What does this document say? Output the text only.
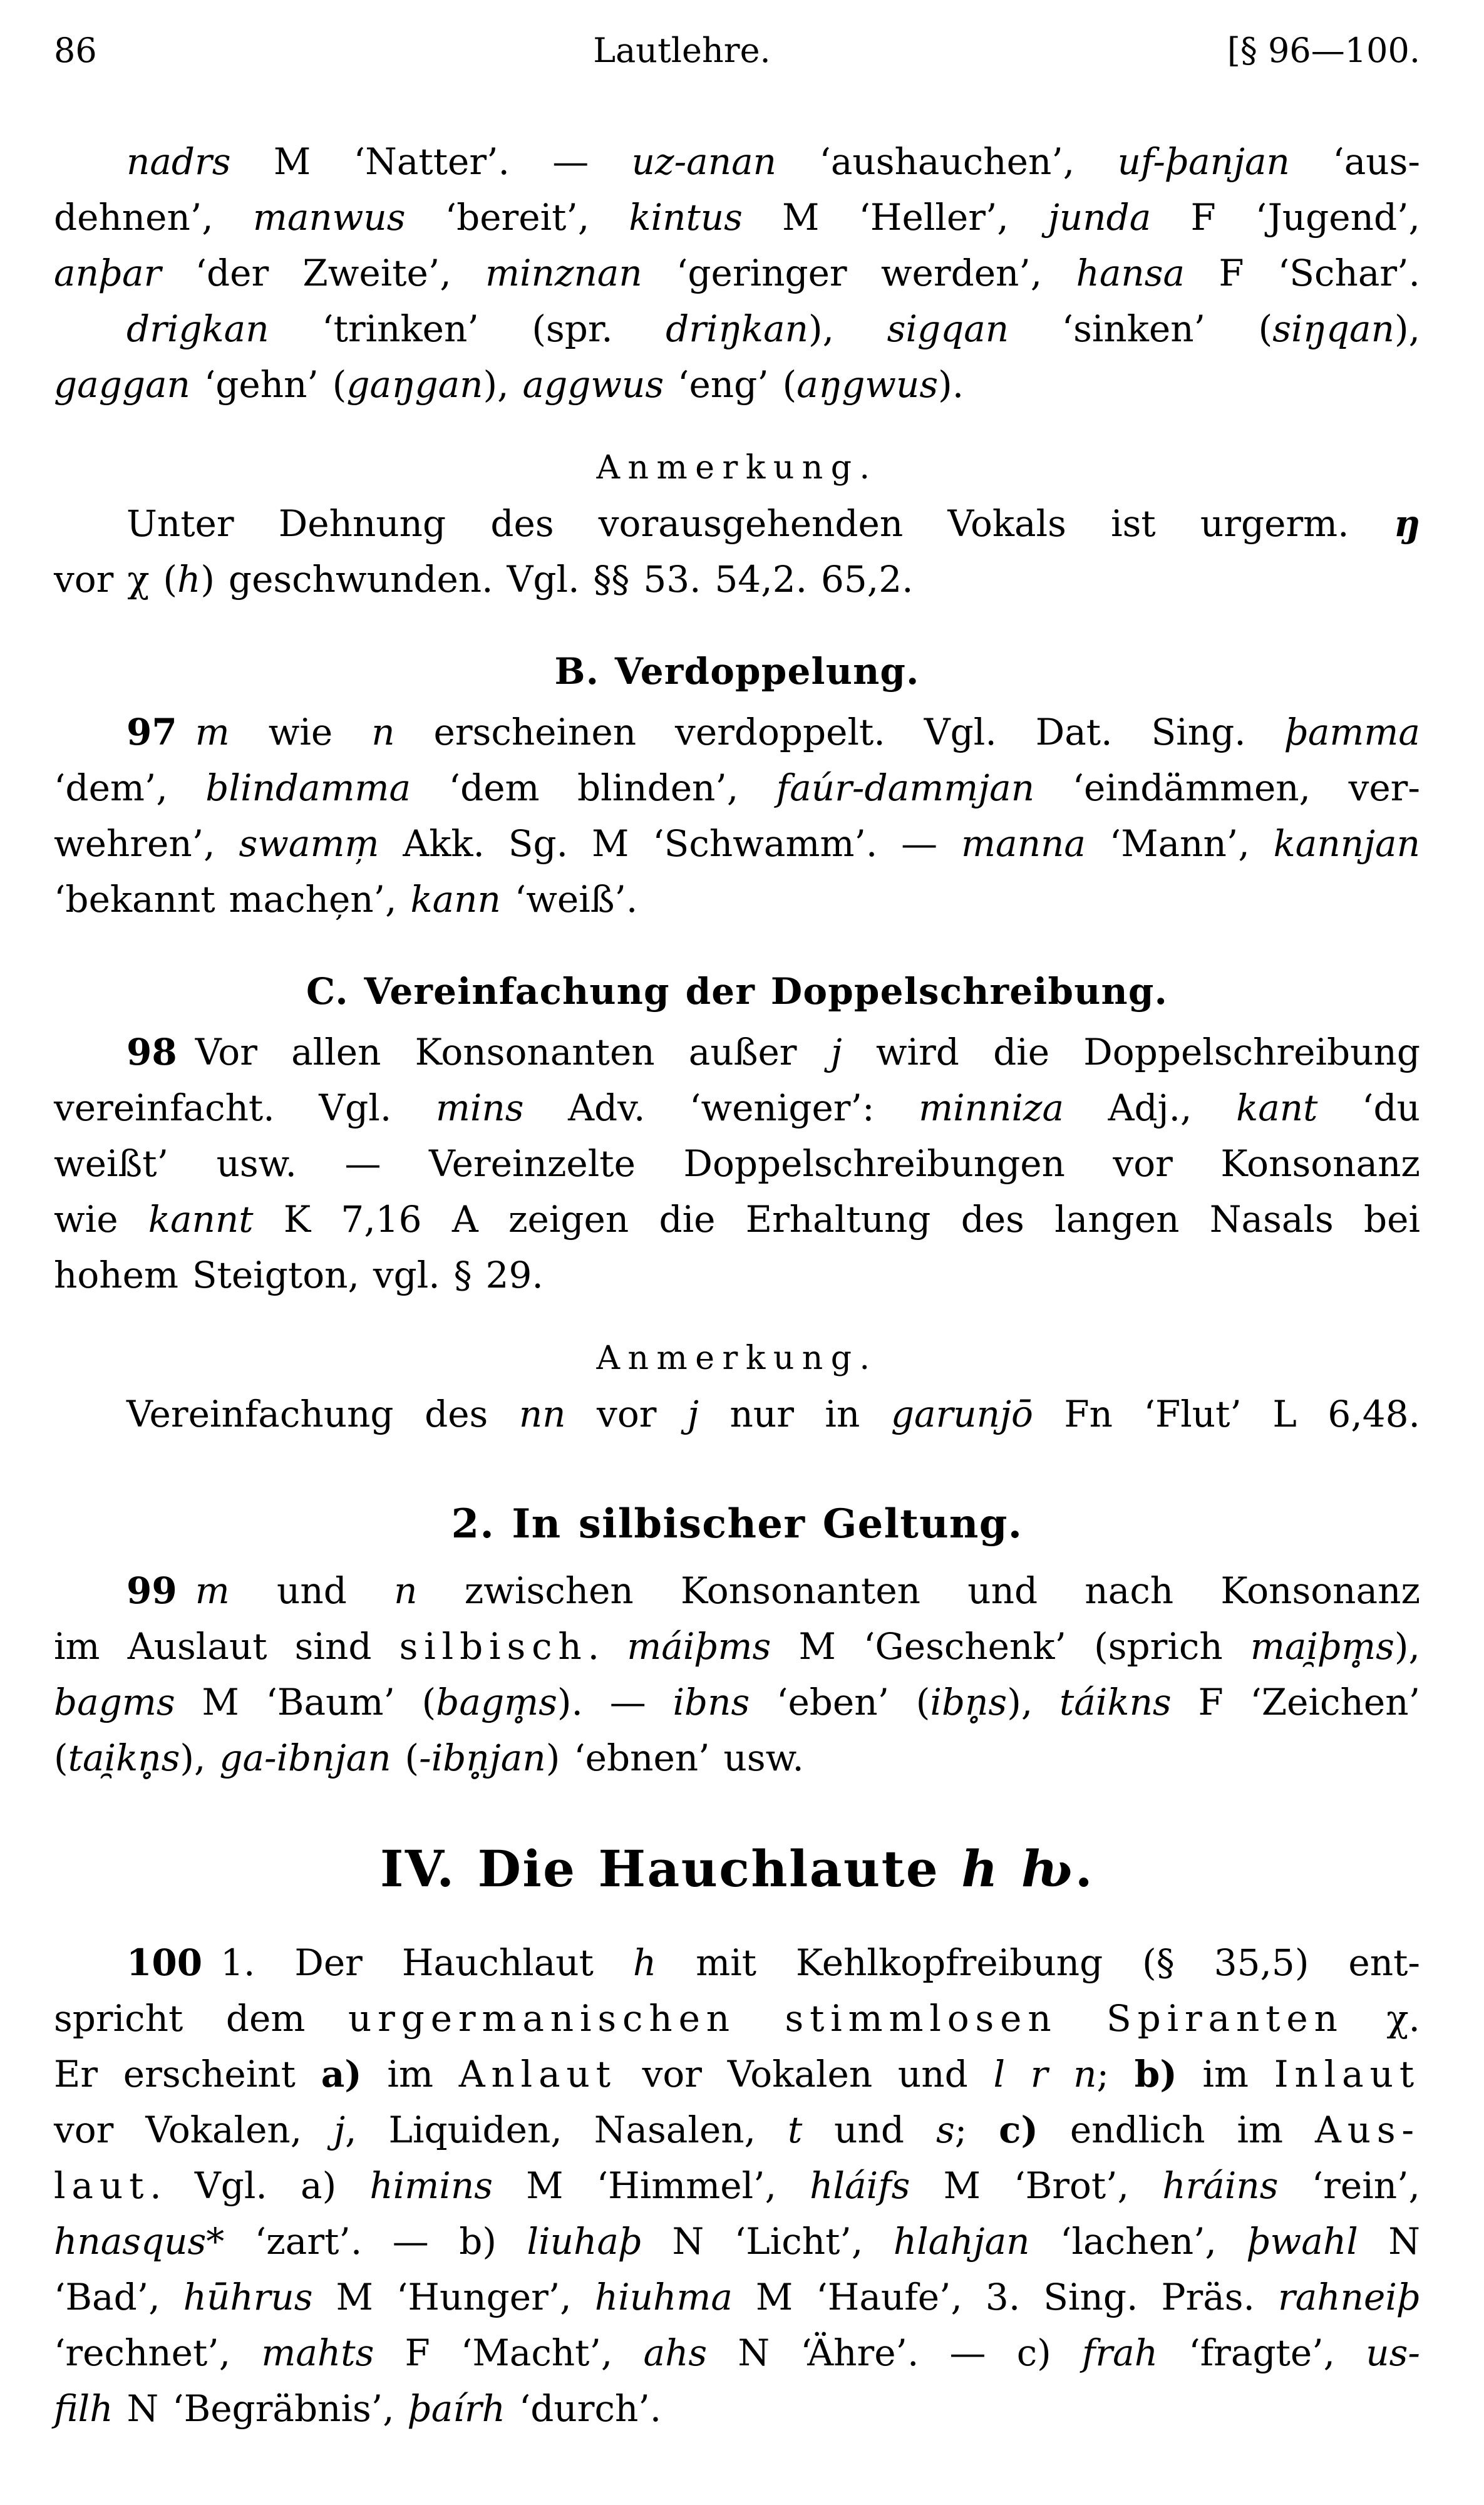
86	Lautlehre.	[§ 96—100.
nadrs M ‘Natter’. — uz-anan ‘aushauchen’, uf-þanjan ‘aus-
dehnen’, manwus ‘bereit’, kintus M ‘Heller’, junda F ‘Jugend’,
anþar ‘der Zweite’, minznan ‘geringer werden’, hansa F ‘Schar’.
drigkan ‘trinken’ (spr. driŋkan), sigqan ‘sinken’ (siŋqan),
gaggan ‘gehn’ (gaŋgan), aggwus ‘eng’ (aŋgwus).
Anmerkung.
Unter Dehnung des vorausgehenden Vokals ist urgerm. ŋ
vor χ (h) geschwunden. Vgl. §§ 53. 54,2. 65,2.
B. Verdoppelung.
97 m wie n erscheinen verdoppelt. Vgl. Dat. Sing. þamma
‘dem’, blindamma ‘dem blinden’, faúr-dammjan ‘eindämmen, ver-
wehren’, swamm̦ Akk. Sg. M ‘Schwamm’. — manna ‘Mann’, kannjan
‘bekannt mache̦n’, kann ‘weiß’.
C. Vereinfachung der Doppelschreibung.
98 Vor allen Konsonanten außer j wird die Doppelschreibung
vereinfacht. Vgl. mins Adv. ‘weniger’: minniza Adj., kant ‘du
weißt’ usw. — Vereinzelte Doppelschreibungen vor Konsonanz
wie kannt K 7,16 A zeigen die Erhaltung des langen Nasals bei
hohem Steigton, vgl. § 29.
Anmerkung.
Vereinfachung des nn vor j nur in garunjō Fn ‘Flut’ L 6,48.
2. In silbischer Geltung.
99 m und n zwischen Konsonanten und nach Konsonanz
im Auslaut sind silbisch. máiþms M ‘Geschenk’ (sprich mai̯þm̥s),
bagms M ‘Baum’ (bagm̥s). — ibns ‘eben’ (ibn̥s), táikns F ‘Zeichen’
(tai̯kn̥s), ga-ibnjan (-ibn̥jan) ‘ebnen’ usw.
IV. Die Hauchlaute h ƕ.
100 1. Der Hauchlaut h mit Kehlkopfreibung (§ 35,5) ent-
spricht dem urgermanischen stimmlosen Spiranten χ.
Er erscheint a) im Anlaut vor Vokalen und l r n; b) im Inlaut
vor Vokalen, j, Liquiden, Nasalen, t und s; c) endlich im Aus-
laut. Vgl. a) himins M ‘Himmel’, hláifs M ‘Brot’, hráins ‘rein’,
hnasqus* ‘zart’. — b) liuhaþ N ‘Licht’, hlahjan ‘lachen’, þwahl N
‘Bad’, hūhrus M ‘Hunger’, hiuhma M ‘Haufe’, 3. Sing. Präs. rahneiþ
‘rechnet’, mahts F ‘Macht’, ahs N ‘Ähre’. — c) frah ‘fragte’, us-
filh N ‘Begräbnis’, þaírh ‘durch’.
